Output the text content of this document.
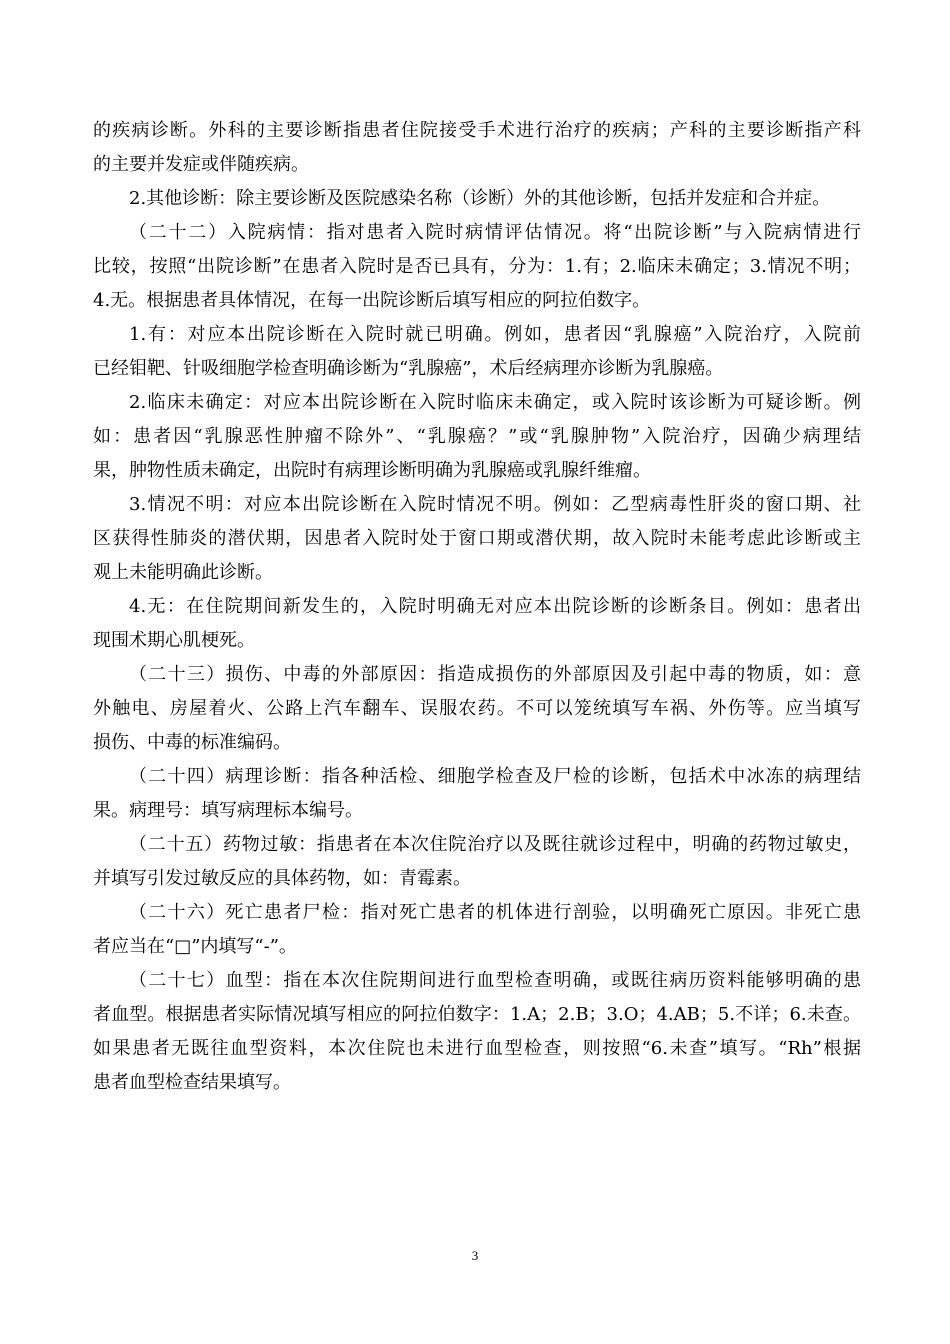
的疾病诊断。外科的主要诊断指患者住院接受手术进行治疗的疾病；产科的主要诊断指产科
的主要并发症或伴随疾病。
2.其他诊断：除主要诊断及医院感染名称（诊断）外的其他诊断，包括并发症和合并症。
（二十二）入院病情：指对患者入院时病情评估情况。将“出院诊断”与入院病情进行
比较，按照“出院诊断”在患者入院时是否已具有，分为：1.有；2.临床未确定；3.情况不明；
4.无。根据患者具体情况，在每一出院诊断后填写相应的阿拉伯数字。
1.有：对应本出院诊断在入院时就已明确。例如，患者因“乳腺癌”入院治疗，入院前
已经钼靶、针吸细胞学检查明确诊断为“乳腺癌”，术后经病理亦诊断为乳腺癌。
2.临床未确定：对应本出院诊断在入院时临床未确定，或入院时该诊断为可疑诊断。例
如：患者因“乳腺恶性肿瘤不除外”、“乳腺癌？”或“乳腺肿物”入院治疗，因确少病理结
果，肿物性质未确定，出院时有病理诊断明确为乳腺癌或乳腺纤维瘤。
3.情况不明：对应本出院诊断在入院时情况不明。例如：乙型病毒性肝炎的窗口期、社
区获得性肺炎的潜伏期，因患者入院时处于窗口期或潜伏期，故入院时未能考虑此诊断或主
观上未能明确此诊断。
4.无：在住院期间新发生的，入院时明确无对应本出院诊断的诊断条目。例如：患者出
现围术期心肌梗死。
（二十三）损伤、中毒的外部原因：指造成损伤的外部原因及引起中毒的物质，如：意
外触电、房屋着火、公路上汽车翻车、误服农药。不可以笼统填写车祸、外伤等。应当填写
损伤、中毒的标准编码。
（二十四）病理诊断：指各种活检、细胞学检查及尸检的诊断，包括术中冰冻的病理结
果。病理号：填写病理标本编号。
（二十五）药物过敏：指患者在本次住院治疗以及既往就诊过程中，明确的药物过敏史，
并填写引发过敏反应的具体药物，如：青霉素。
（二十六）死亡患者尸检：指对死亡患者的机体进行剖验，以明确死亡原因。非死亡患
者应当在“□”内填写“-”。
（二十七）血型：指在本次住院期间进行血型检查明确，或既往病历资料能够明确的患
者血型。根据患者实际情况填写相应的阿拉伯数字：1.A；2.B；3.O；4.AB；5.不详；6.未查。
如果患者无既往血型资料，本次住院也未进行血型检查，则按照“6.未查”填写。“Rh”根据
患者血型检查结果填写。
3
